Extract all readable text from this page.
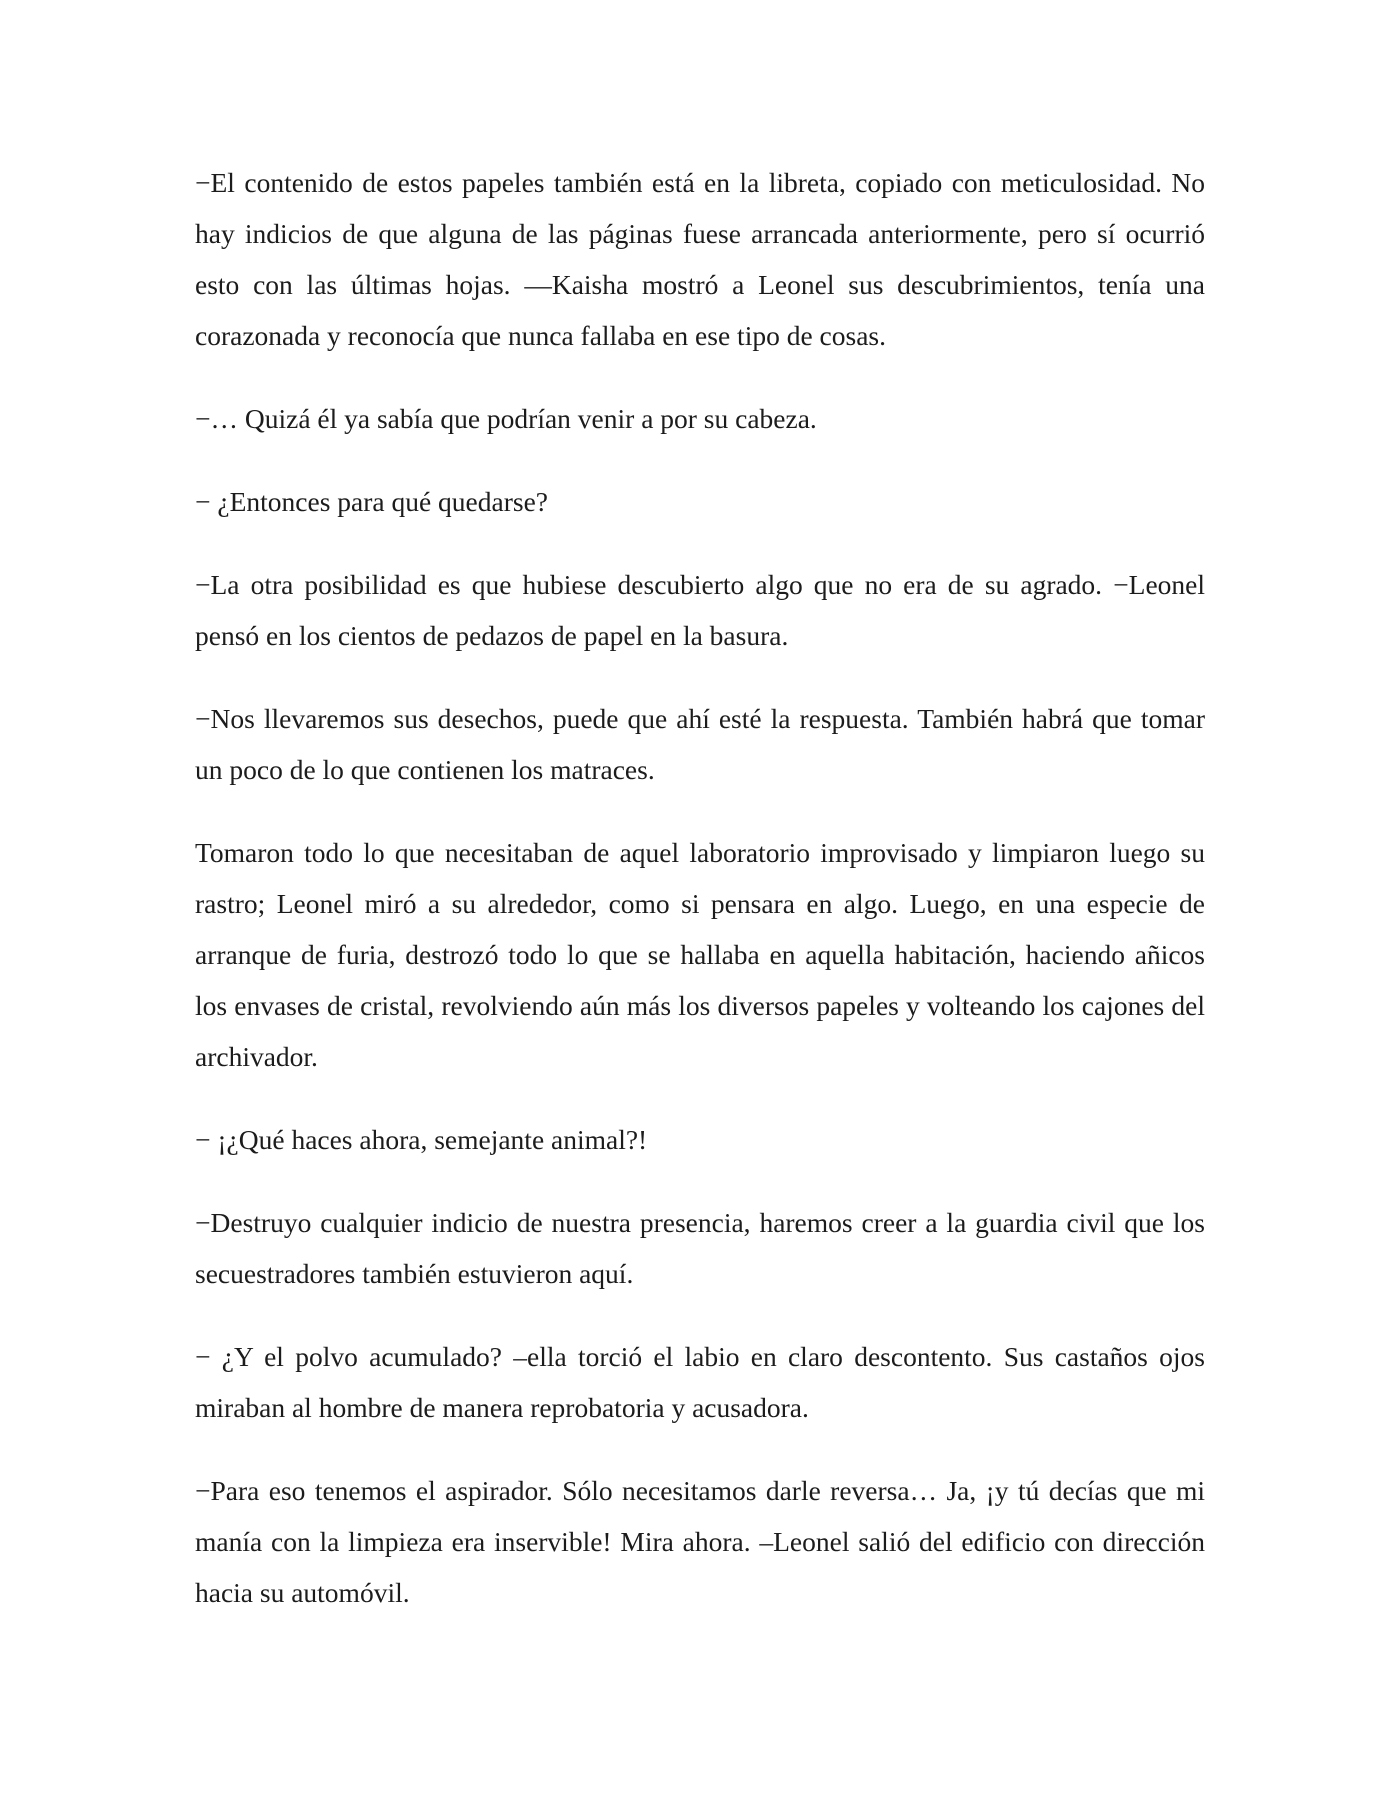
−El contenido de estos papeles también está en la libreta, copiado con meticulosidad. No hay indicios de que alguna de las páginas fuese arrancada anteriormente, pero sí ocurrió esto con las últimas hojas. —Kaisha mostró a Leonel sus descubrimientos, tenía una corazonada y reconocía que nunca fallaba en ese tipo de cosas.

−… Quizá él ya sabía que podrían venir a por su cabeza.

− ¿Entonces para qué quedarse?

−La otra posibilidad es que hubiese descubierto algo que no era de su agrado. −Leonel pensó en los cientos de pedazos de papel en la basura.

−Nos llevaremos sus desechos, puede que ahí esté la respuesta. También habrá que tomar un poco de lo que contienen los matraces.

Tomaron todo lo que necesitaban de aquel laboratorio improvisado y limpiaron luego su rastro; Leonel miró a su alrededor, como si pensara en algo. Luego, en una especie de arranque de furia, destrozó todo lo que se hallaba en aquella habitación, haciendo añicos los envases de cristal, revolviendo aún más los diversos papeles y volteando los cajones del archivador.

− ¡¿Qué haces ahora, semejante animal?!

−Destruyo cualquier indicio de nuestra presencia, haremos creer a la guardia civil que los secuestradores también estuvieron aquí.

− ¿Y el polvo acumulado? –ella torció el labio en claro descontento. Sus castaños ojos miraban al hombre de manera reprobatoria y acusadora.

−Para eso tenemos el aspirador. Sólo necesitamos darle reversa… Ja, ¡y tú decías que mi manía con la limpieza era inservible! Mira ahora. –Leonel salió del edificio con dirección hacia su automóvil.
